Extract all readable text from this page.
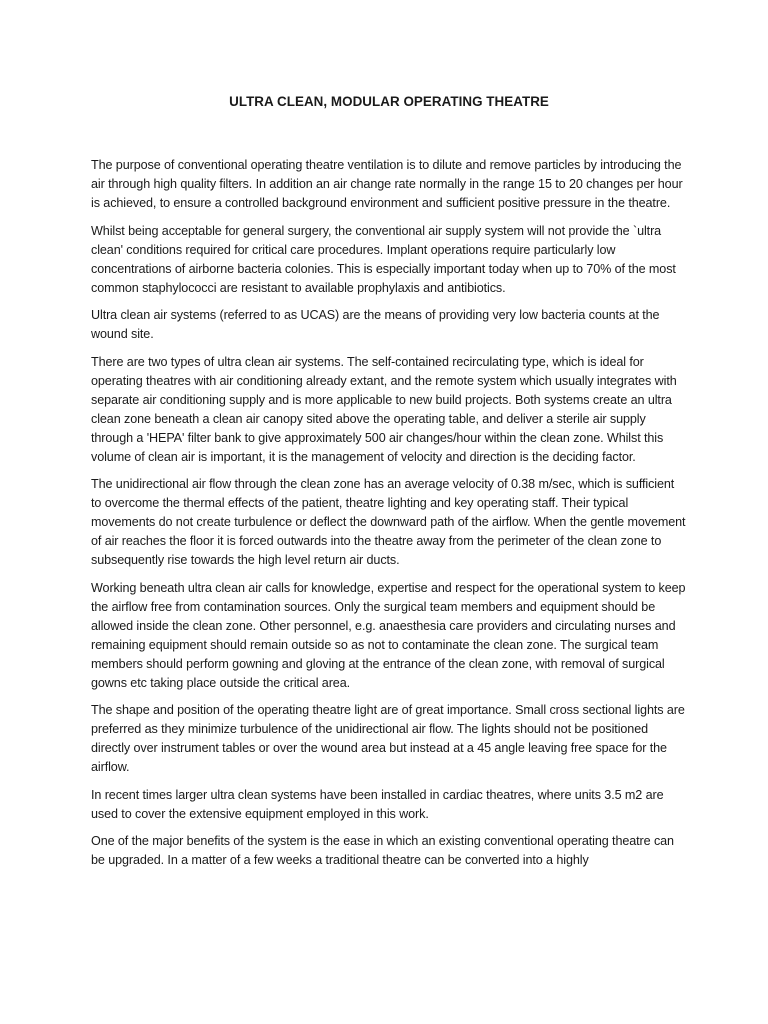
ULTRA CLEAN, MODULAR OPERATING THEATRE

The purpose of conventional operating theatre ventilation is to dilute and remove particles by introducing the air through high quality filters. In addition an air change rate normally in the range 15 to 20 changes per hour is achieved, to ensure a controlled background environment and sufficient positive pressure in the theatre.

Whilst being acceptable for general surgery, the conventional air supply system will not provide the `ultra clean' conditions required for critical care procedures. Implant operations require particularly low concentrations of airborne bacteria colonies. This is especially important today when up to 70% of the most common staphylococci are resistant to available prophylaxis and antibiotics.

Ultra clean air systems (referred to as UCAS) are the means of providing very low bacteria counts at the wound site.

There are two types of ultra clean air systems. The self-contained recirculating type, which is ideal for operating theatres with air conditioning already extant, and the remote system which usually integrates with separate air conditioning supply and is more applicable to new build projects. Both systems create an ultra clean zone beneath a clean air canopy sited above the operating table, and deliver a sterile air supply through a 'HEPA' filter bank to give approximately 500 air changes/hour within the clean zone. Whilst this volume of clean air is important, it is the management of velocity and direction is the deciding factor.

The unidirectional air flow through the clean zone has an average velocity of 0.38 m/sec, which is sufficient to overcome the thermal effects of the patient, theatre lighting and key operating staff. Their typical movements do not create turbulence or deflect the downward path of the airflow. When the gentle movement of air reaches the floor it is forced outwards into the theatre away from the perimeter of the clean zone to subsequently rise towards the high level return air ducts.

Working beneath ultra clean air calls for knowledge, expertise and respect for the operational system to keep the airflow free from contamination sources. Only the surgical team members and equipment should be allowed inside the clean zone. Other personnel, e.g. anaesthesia care providers and circulating nurses and remaining equipment should remain outside so as not to contaminate the clean zone. The surgical team members should perform gowning and gloving at the entrance of the clean zone, with removal of surgical gowns etc taking place outside the critical area.

The shape and position of the operating theatre light are of great importance. Small cross sectional lights are preferred as they minimize turbulence of the unidirectional air flow. The lights should not be positioned directly over instrument tables or over the wound area but instead at a 45 angle leaving free space for the airflow.

In recent times larger ultra clean systems have been installed in cardiac theatres, where units 3.5 m2 are used to cover the extensive equipment employed in this work.

One of the major benefits of the system is the ease in which an existing conventional operating theatre can be upgraded. In a matter of a few weeks a traditional theatre can be converted into a highly
